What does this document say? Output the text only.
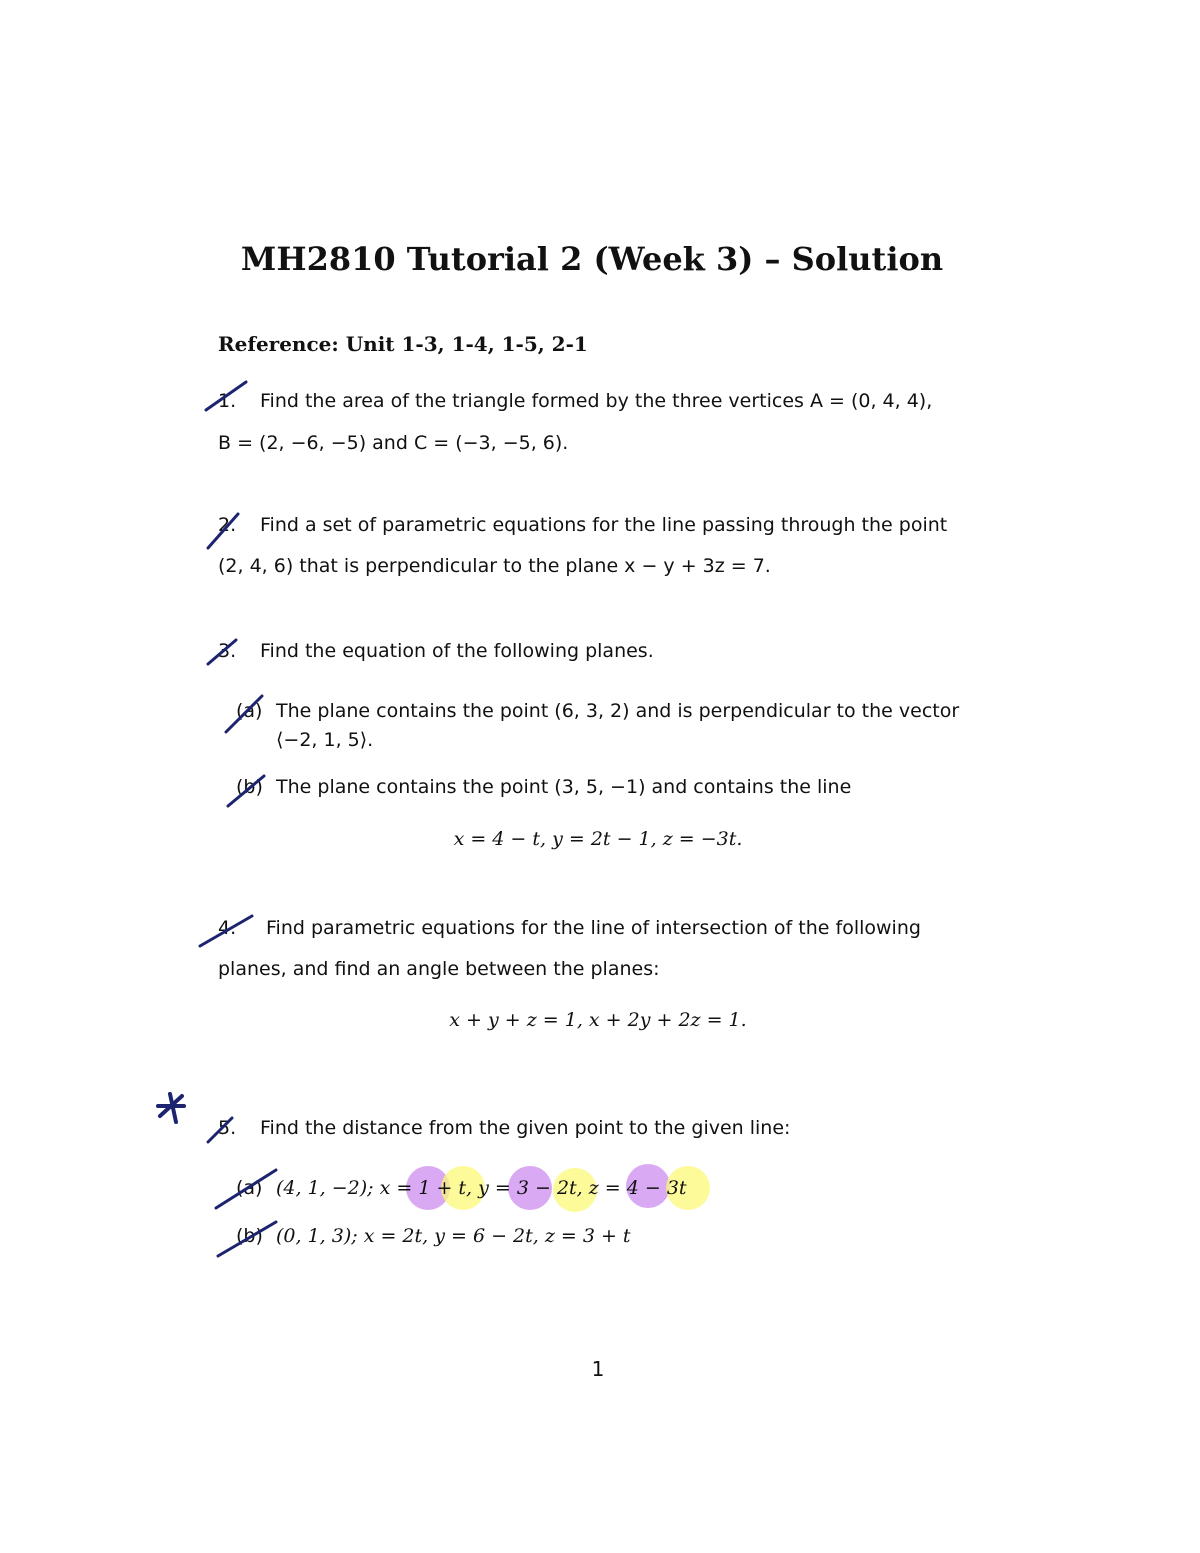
MH2810 Tutorial 2 (Week 3) – Solution
Reference: Unit 1-3, 1-4, 1-5, 2-1
1. Find the area of the triangle formed by the three vertices A = (0, 4, 4),
B = (2, −6, −5) and C = (−3, −5, 6).
2. Find a set of parametric equations for the line passing through the point
(2, 4, 6) that is perpendicular to the plane x − y + 3z = 7.
3. Find the equation of the following planes.
(a) The plane contains the point (6, 3, 2) and is perpendicular to the vector
⟨−2, 1, 5⟩.
(b) The plane contains the point (3, 5, −1) and contains the line
x = 4 − t, y = 2t − 1, z = −3t.
4. Find parametric equations for the line of intersection of the following
planes, and find an angle between the planes:
x + y + z = 1, x + 2y + 2z = 1.
5. Find the distance from the given point to the given line:
(a) (4, 1, −2); x = 1 + t, y = 3 − 2t, z = 4 − 3t
(b) (0, 1, 3); x = 2t, y = 6 − 2t, z = 3 + t
1
